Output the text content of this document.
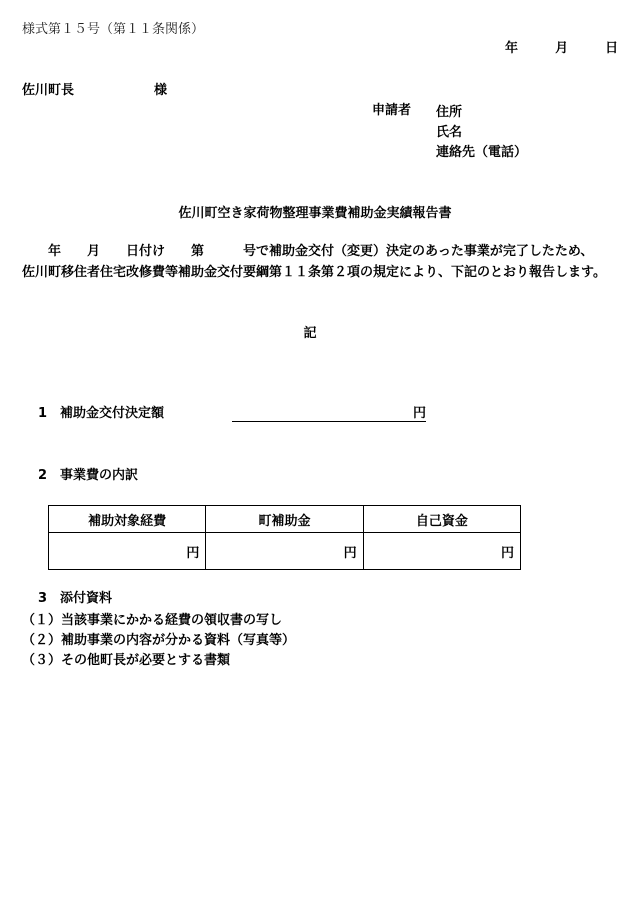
様式第１５号（第１１条関係）
年	月	日
佐川町長	様
申請者 住所
氏名
連絡先（電話）
佐川町空き家荷物整理事業費補助金実績報告書
年　　月　　日付け　　第　　　号で補助金交付（変更）決定のあった事業が完了したため、
佐川町移住者住宅改修費等補助金交付要綱第１１条第２項の規定により、下記のとおり報告します。
記
1　補助金交付決定額	円
2　事業費の内訳
補助対象経費	町補助金	自己資金
円	円	円
3　添付資料
（１）当該事業にかかる経費の領収書の写し
（２）補助事業の内容が分かる資料（写真等）
（３）その他町長が必要とする書類
